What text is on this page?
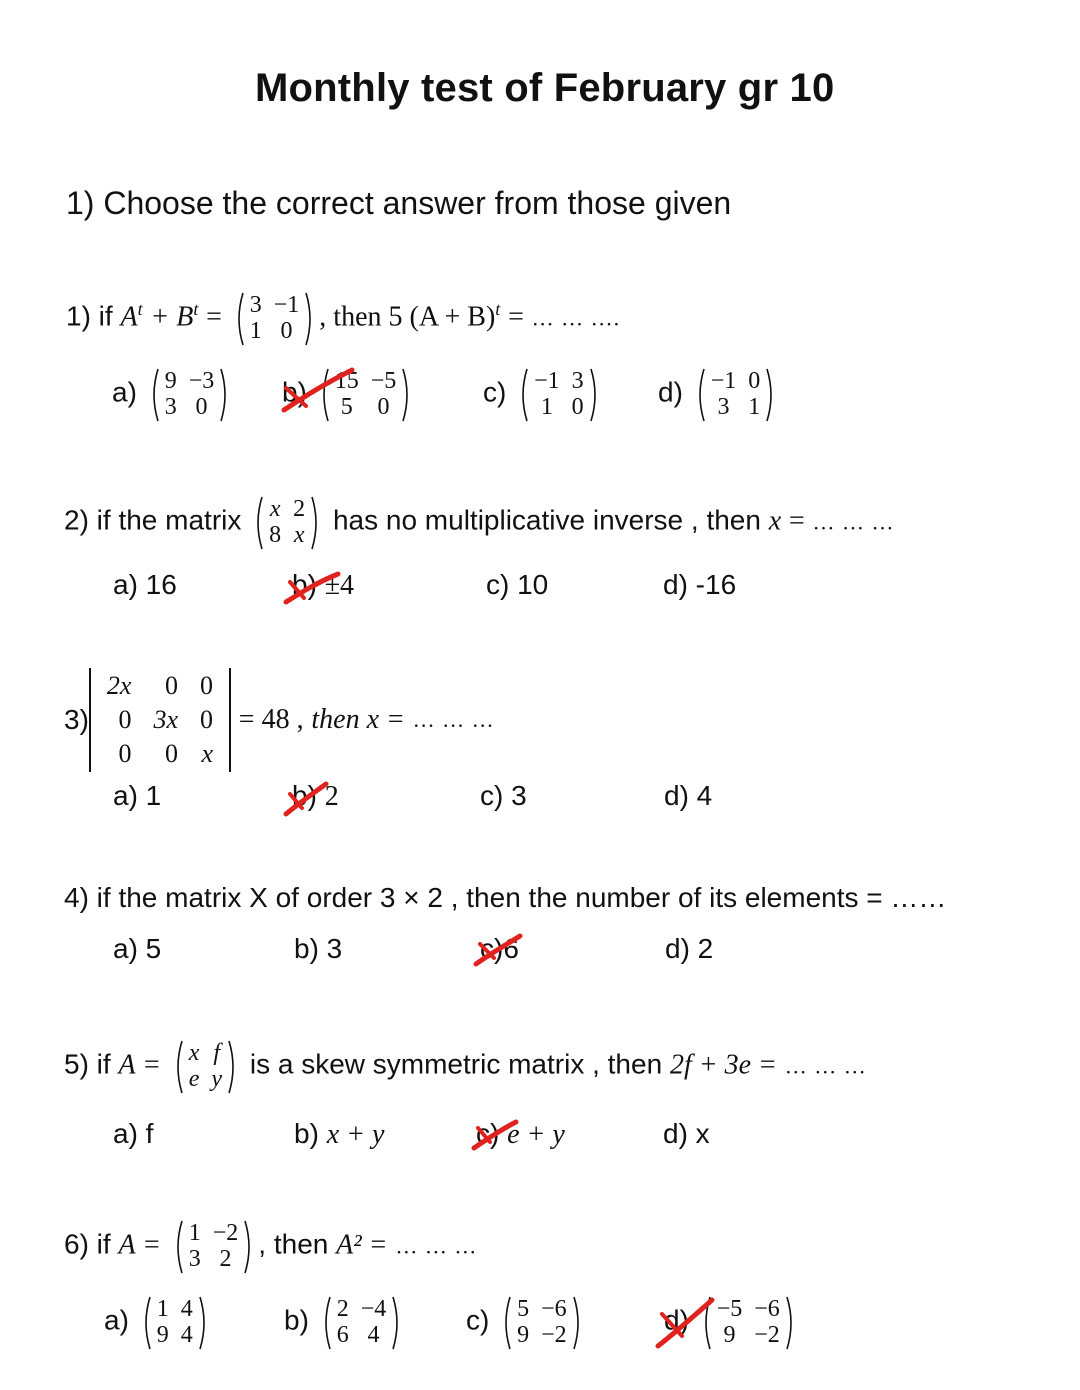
Monthly test of February gr 10
1) Choose the correct answer from those given
1) if $A^t + B^t = 3$	−1
1	0 , then 5 $(A + B)^t$ = … … ….
a) 9	−3
3	0	b) 15	−5
5	0	c) −1	3
1	0	d) −1	0
3	1
2) if the matrix x	2
8	x has no multiplicative inverse , then x = … … …
a) 16	b) ±4	c) 10	d) -16
3)2x	0	0
0	3x	0
0	0	x = 48 , then x = … … …
a) 1	b) 2	c) 3	d) 4
4) if the matrix X of order 3 × 2 , then the number of its elements = ……
a) 5	b) 3	c)6	d) 2
5) if A = x	f
e	y is a skew symmetric matrix , then 2f + 3e = … … …
a) f	b) x + y	c) e + y	d) x
6) if A = 1	−2
3	2 , then A² = … … …
a) 1	4
9	4	b) 2	−4
6	4	c) 5	−6
9	−2	d) −5	−6
9	−2
